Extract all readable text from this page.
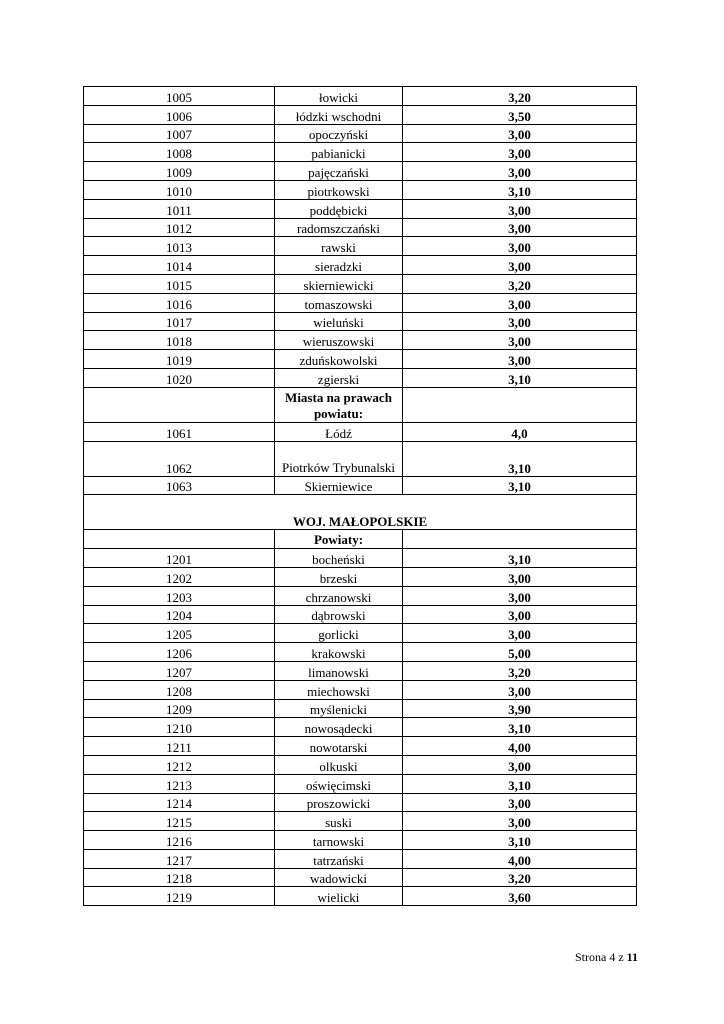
1005	łowicki	3,20
1006	łódzki wschodni	3,50
1007	opoczyński	3,00
1008	pabianicki	3,00
1009	pajęczański	3,00
1010	piotrkowski	3,10
1011	poddębicki	3,00
1012	radomszczański	3,00
1013	rawski	3,00
1014	sieradzki	3,00
1015	skierniewicki	3,20
1016	tomaszowski	3,00
1017	wieluński	3,00
1018	wieruszowski	3,00
1019	zduńskowolski	3,00
1020	zgierski	3,10
	Miasta na prawach powiatu:	
1061	Łódź	4,0
1062	Piotrków Trybunalski	3,10
1063	Skierniewice	3,10
WOJ. MAŁOPOLSKIE		
	Powiaty:	
1201	bocheński	3,10
1202	brzeski	3,00
1203	chrzanowski	3,00
1204	dąbrowski	3,00
1205	gorlicki	3,00
1206	krakowski	5,00
1207	limanowski	3,20
1208	miechowski	3,00
1209	myślenicki	3,90
1210	nowosądecki	3,10
1211	nowotarski	4,00
1212	olkuski	3,00
1213	oświęcimski	3,10
1214	proszowicki	3,00
1215	suski	3,00
1216	tarnowski	3,10
1217	tatrzański	4,00
1218	wadowicki	3,20
1219	wielicki	3,60
Strona 4 z 11
